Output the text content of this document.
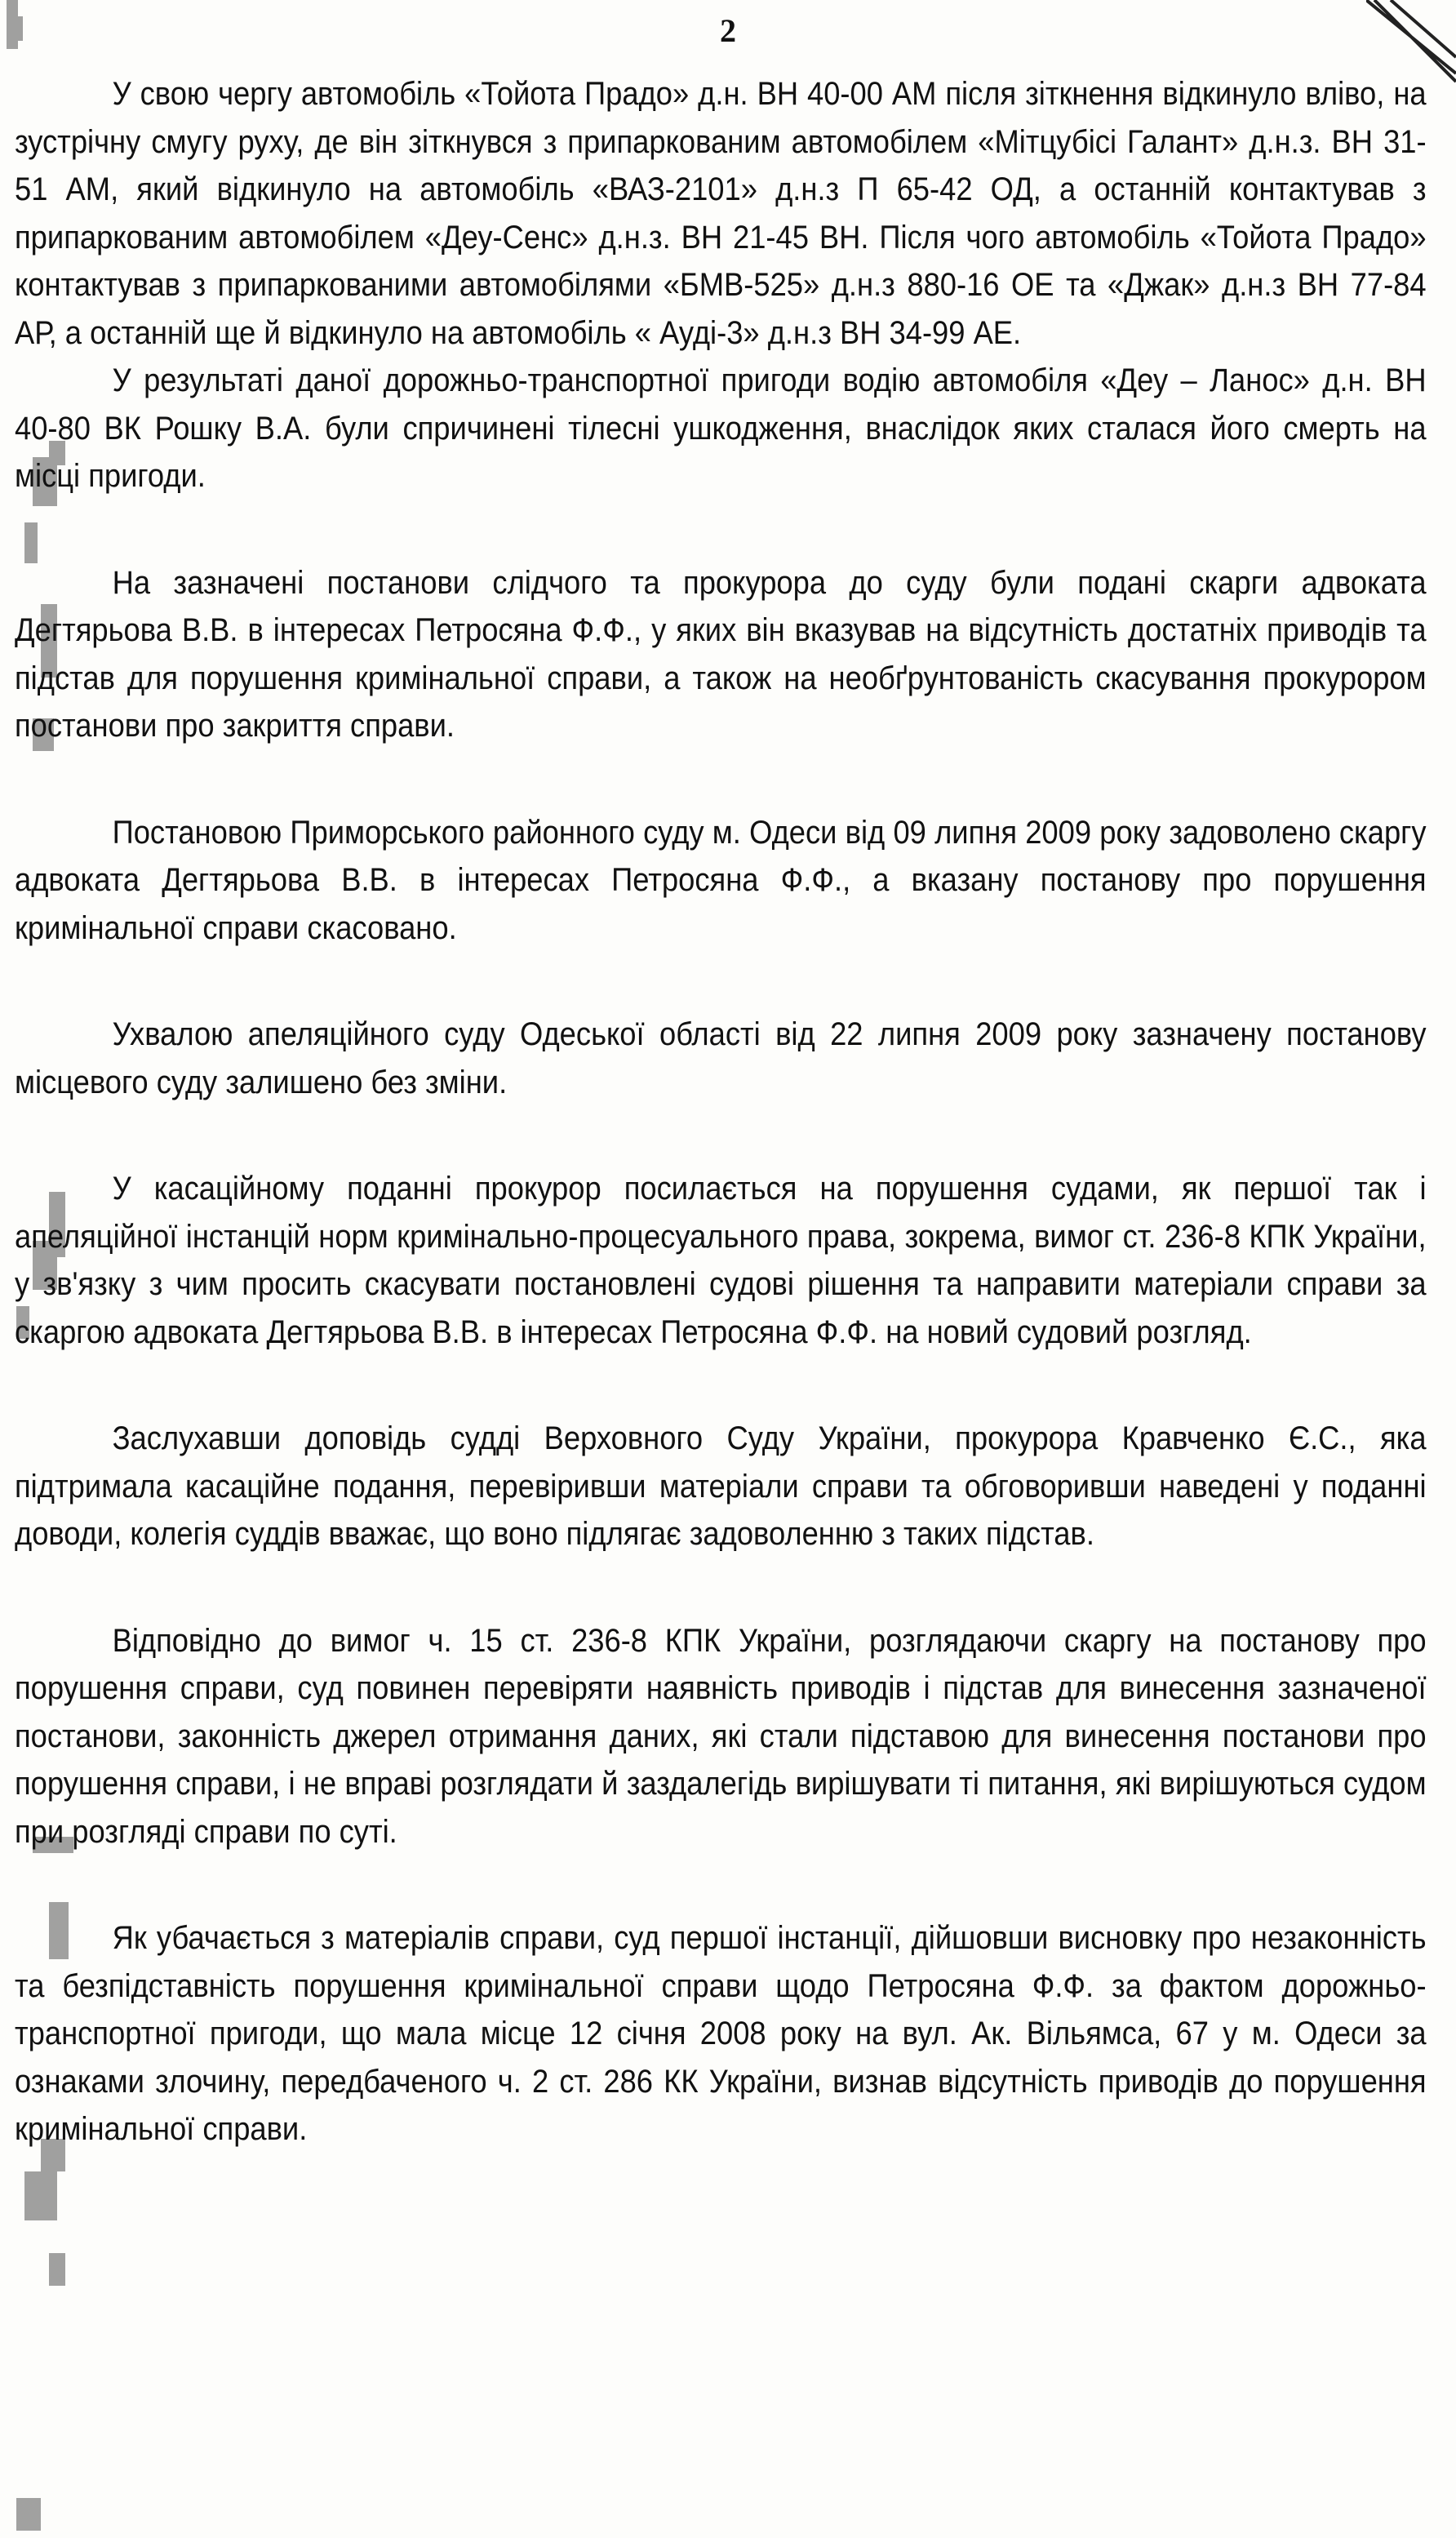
2

У свою чергу автомобіль «Тойота Прадо» д.н. ВН 40-00 АМ після зіткнення відкинуло вліво, на зустрічну смугу руху, де він зіткнувся з припаркованим автомобілем «Мітцубісі Галант» д.н.з. ВН 31-51 АМ, який відкинуло на автомобіль «ВАЗ-2101» д.н.з П 65-42 ОД, а останній контактував з припаркованим автомобілем «Деу-Сенс» д.н.з. ВН 21-45 ВН. Після чого автомобіль «Тойота Прадо» контактував з припаркованими автомобілями «БМВ-525» д.н.з 880-16 ОЕ та «Джак» д.н.з ВН 77-84 АР, а останній ще й відкинуло на автомобіль « Ауді-3» д.н.з ВН 34-99 АЕ.

У результаті даної дорожньо-транспортної пригоди водію автомобіля «Деу – Ланос» д.н. ВН 40-80 ВК Рошку В.А. були спричинені тілесні ушкодження, внаслідок яких сталася його смерть на місці пригоди.

На зазначені постанови слідчого та прокурора до суду були подані скарги адвоката Дегтярьова В.В. в інтересах Петросяна Ф.Ф., у яких він вказував на відсутність достатніх приводів та підстав для порушення кримінальної справи, а також на необґрунтованість скасування прокурором постанови про закриття справи.

Постановою Приморського районного суду м. Одеси від 09 липня 2009 року задоволено скаргу адвоката Дегтярьова В.В. в інтересах Петросяна Ф.Ф., а вказану постанову про порушення кримінальної справи скасовано.

Ухвалою апеляційного суду Одеської області від 22 липня 2009 року зазначену постанову місцевого суду залишено без зміни.

У касаційному поданні прокурор посилається на порушення судами, як першої так і апеляційної інстанцій норм кримінально-процесуального права, зокрема, вимог ст. 236-8 КПК України, у зв'язку з чим просить скасувати постановлені судові рішення та направити матеріали справи за скаргою адвоката Дегтярьова В.В. в інтересах Петросяна Ф.Ф. на новий судовий розгляд.

Заслухавши доповідь судді Верховного Суду України, прокурора Кравченко Є.С., яка підтримала касаційне подання, перевіривши матеріали справи та обговоривши наведені у поданні доводи, колегія суддів вважає, що воно підлягає задоволенню з таких підстав.

Відповідно до вимог ч. 15 ст. 236-8 КПК України, розглядаючи скаргу на постанову про порушення справи, суд повинен перевіряти наявність приводів і підстав для винесення зазначеної постанови, законність джерел отримання даних, які стали підставою для винесення постанови про порушення справи, і не вправі розглядати й заздалегідь вирішувати ті питання, які вирішуються судом при розгляді справи по суті.

Як убачається з матеріалів справи, суд першої інстанції, дійшовши висновку про незаконність та безпідставність порушення кримінальної справи щодо Петросяна Ф.Ф. за фактом дорожньо-транспортної пригоди, що мала місце 12 січня 2008 року на вул. Ак. Вільямса, 67 у м. Одеси за ознаками злочину, передбаченого ч. 2 ст. 286 КК України, визнав відсутність приводів до порушення кримінальної справи.
